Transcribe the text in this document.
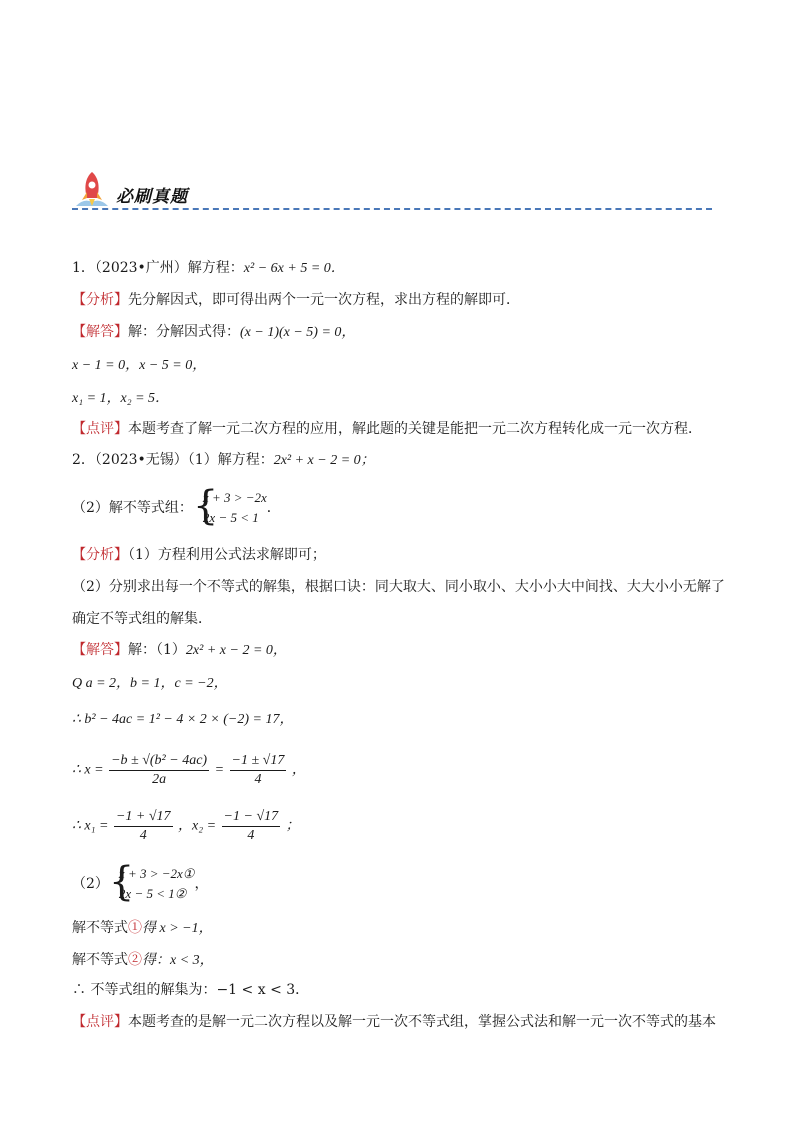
必刷真题
1．（2023•广州）解方程：x² − 6x + 5 = 0．
【分析】先分解因式，即可得出两个一元一次方程，求出方程的解即可．
【解答】解：分解因式得：(x − 1)(x − 5) = 0，
x − 1 = 0，x − 5 = 0，
x₁ = 1，x₂ = 5．
【点评】本题考查了解一元二次方程的应用，解此题的关键是能把一元二次方程转化成一元一次方程．
2．（2023•无锡）（1）解方程：2x² + x − 2 = 0；
（2）解不等式组： {
x + 3 > −2x
2x − 5 < 1
．
【分析】（1）方程利用公式法求解即可；
（2）分别求出每一个不等式的解集，根据口诀：同大取大、同小取小、大小小大中间找、大大小小无解了
确定不等式组的解集．
【解答】解：（1）2x² + x − 2 = 0，
Q a = 2，b = 1，c = −2，
∴ b² − 4ac = 1² − 4 × 2 × (−2) = 17，
∴ $x = \frac{\text{−b ± √(b² − 4ac)}}{2a} = \frac{-1 \pm √17}{4}$ ，
∴ $x_1 = \frac{-1 + √17}{4}$ ，$x_2 = \frac{-1 - √17}{4}$ ；
（2） {
x + 3 > −2x①
2x − 5 < 1②
，
解不等式①得 x > −1，
解不等式②得：x < 3，
∴ 不等式组的解集为：−1 < x < 3．
【点评】本题考查的是解一元二次方程以及解一元一次不等式组，掌握公式法和解一元一次不等式的基本
